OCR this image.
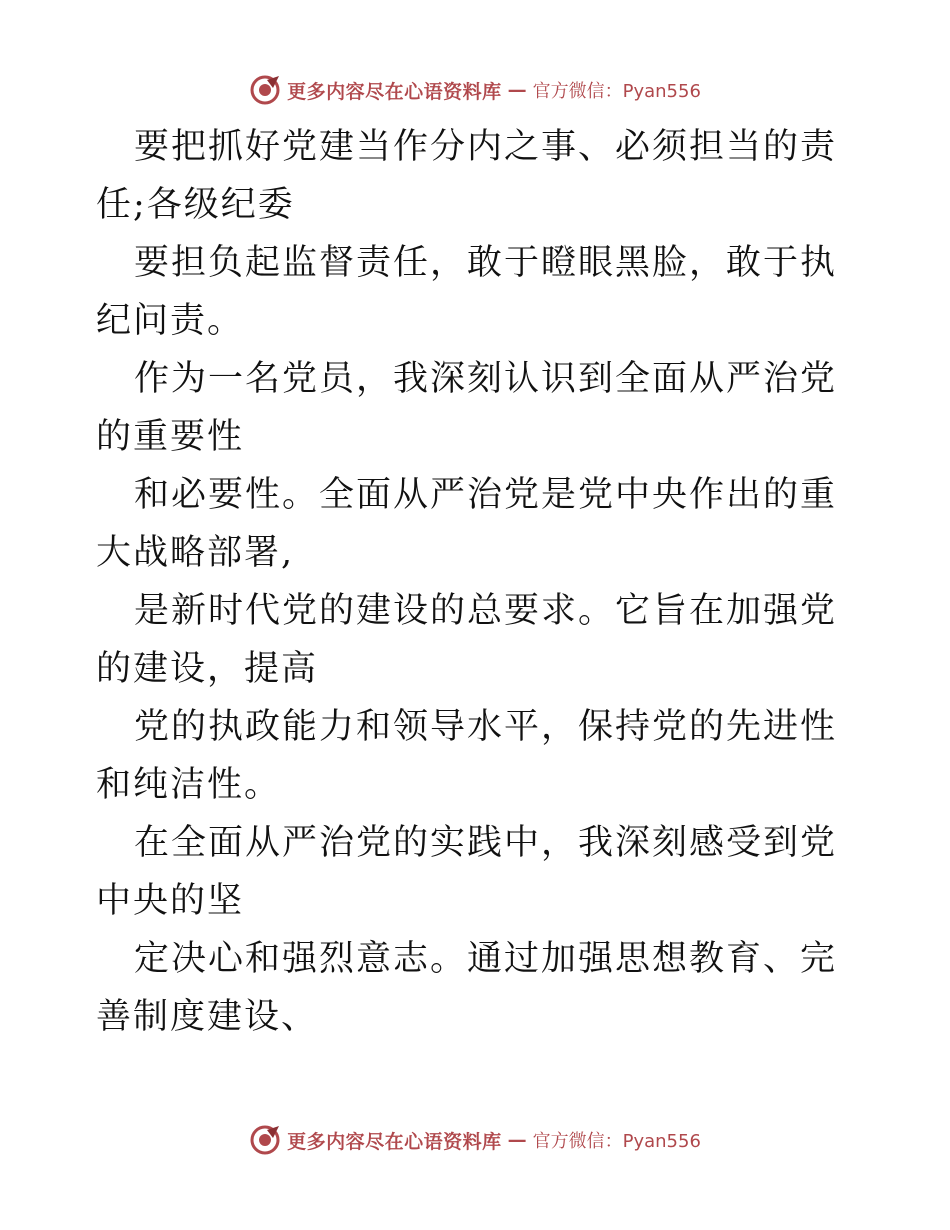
更多内容尽在心语资料库 — 官方微信：Pyan556

要把抓好党建当作分内之事、必须担当的责任;各级纪委

要担负起监督责任，敢于瞪眼黑脸，敢于执纪问责。

作为一名党员，我深刻认识到全面从严治党的重要性

和必要性。全面从严治党是党中央作出的重大战略部署,

是新时代党的建设的总要求。它旨在加强党的建设，提高

党的执政能力和领导水平，保持党的先进性和纯洁性。

在全面从严治党的实践中，我深刻感受到党中央的坚

定决心和强烈意志。通过加强思想教育、完善制度建设、

更多内容尽在心语资料库 — 官方微信：Pyan556
